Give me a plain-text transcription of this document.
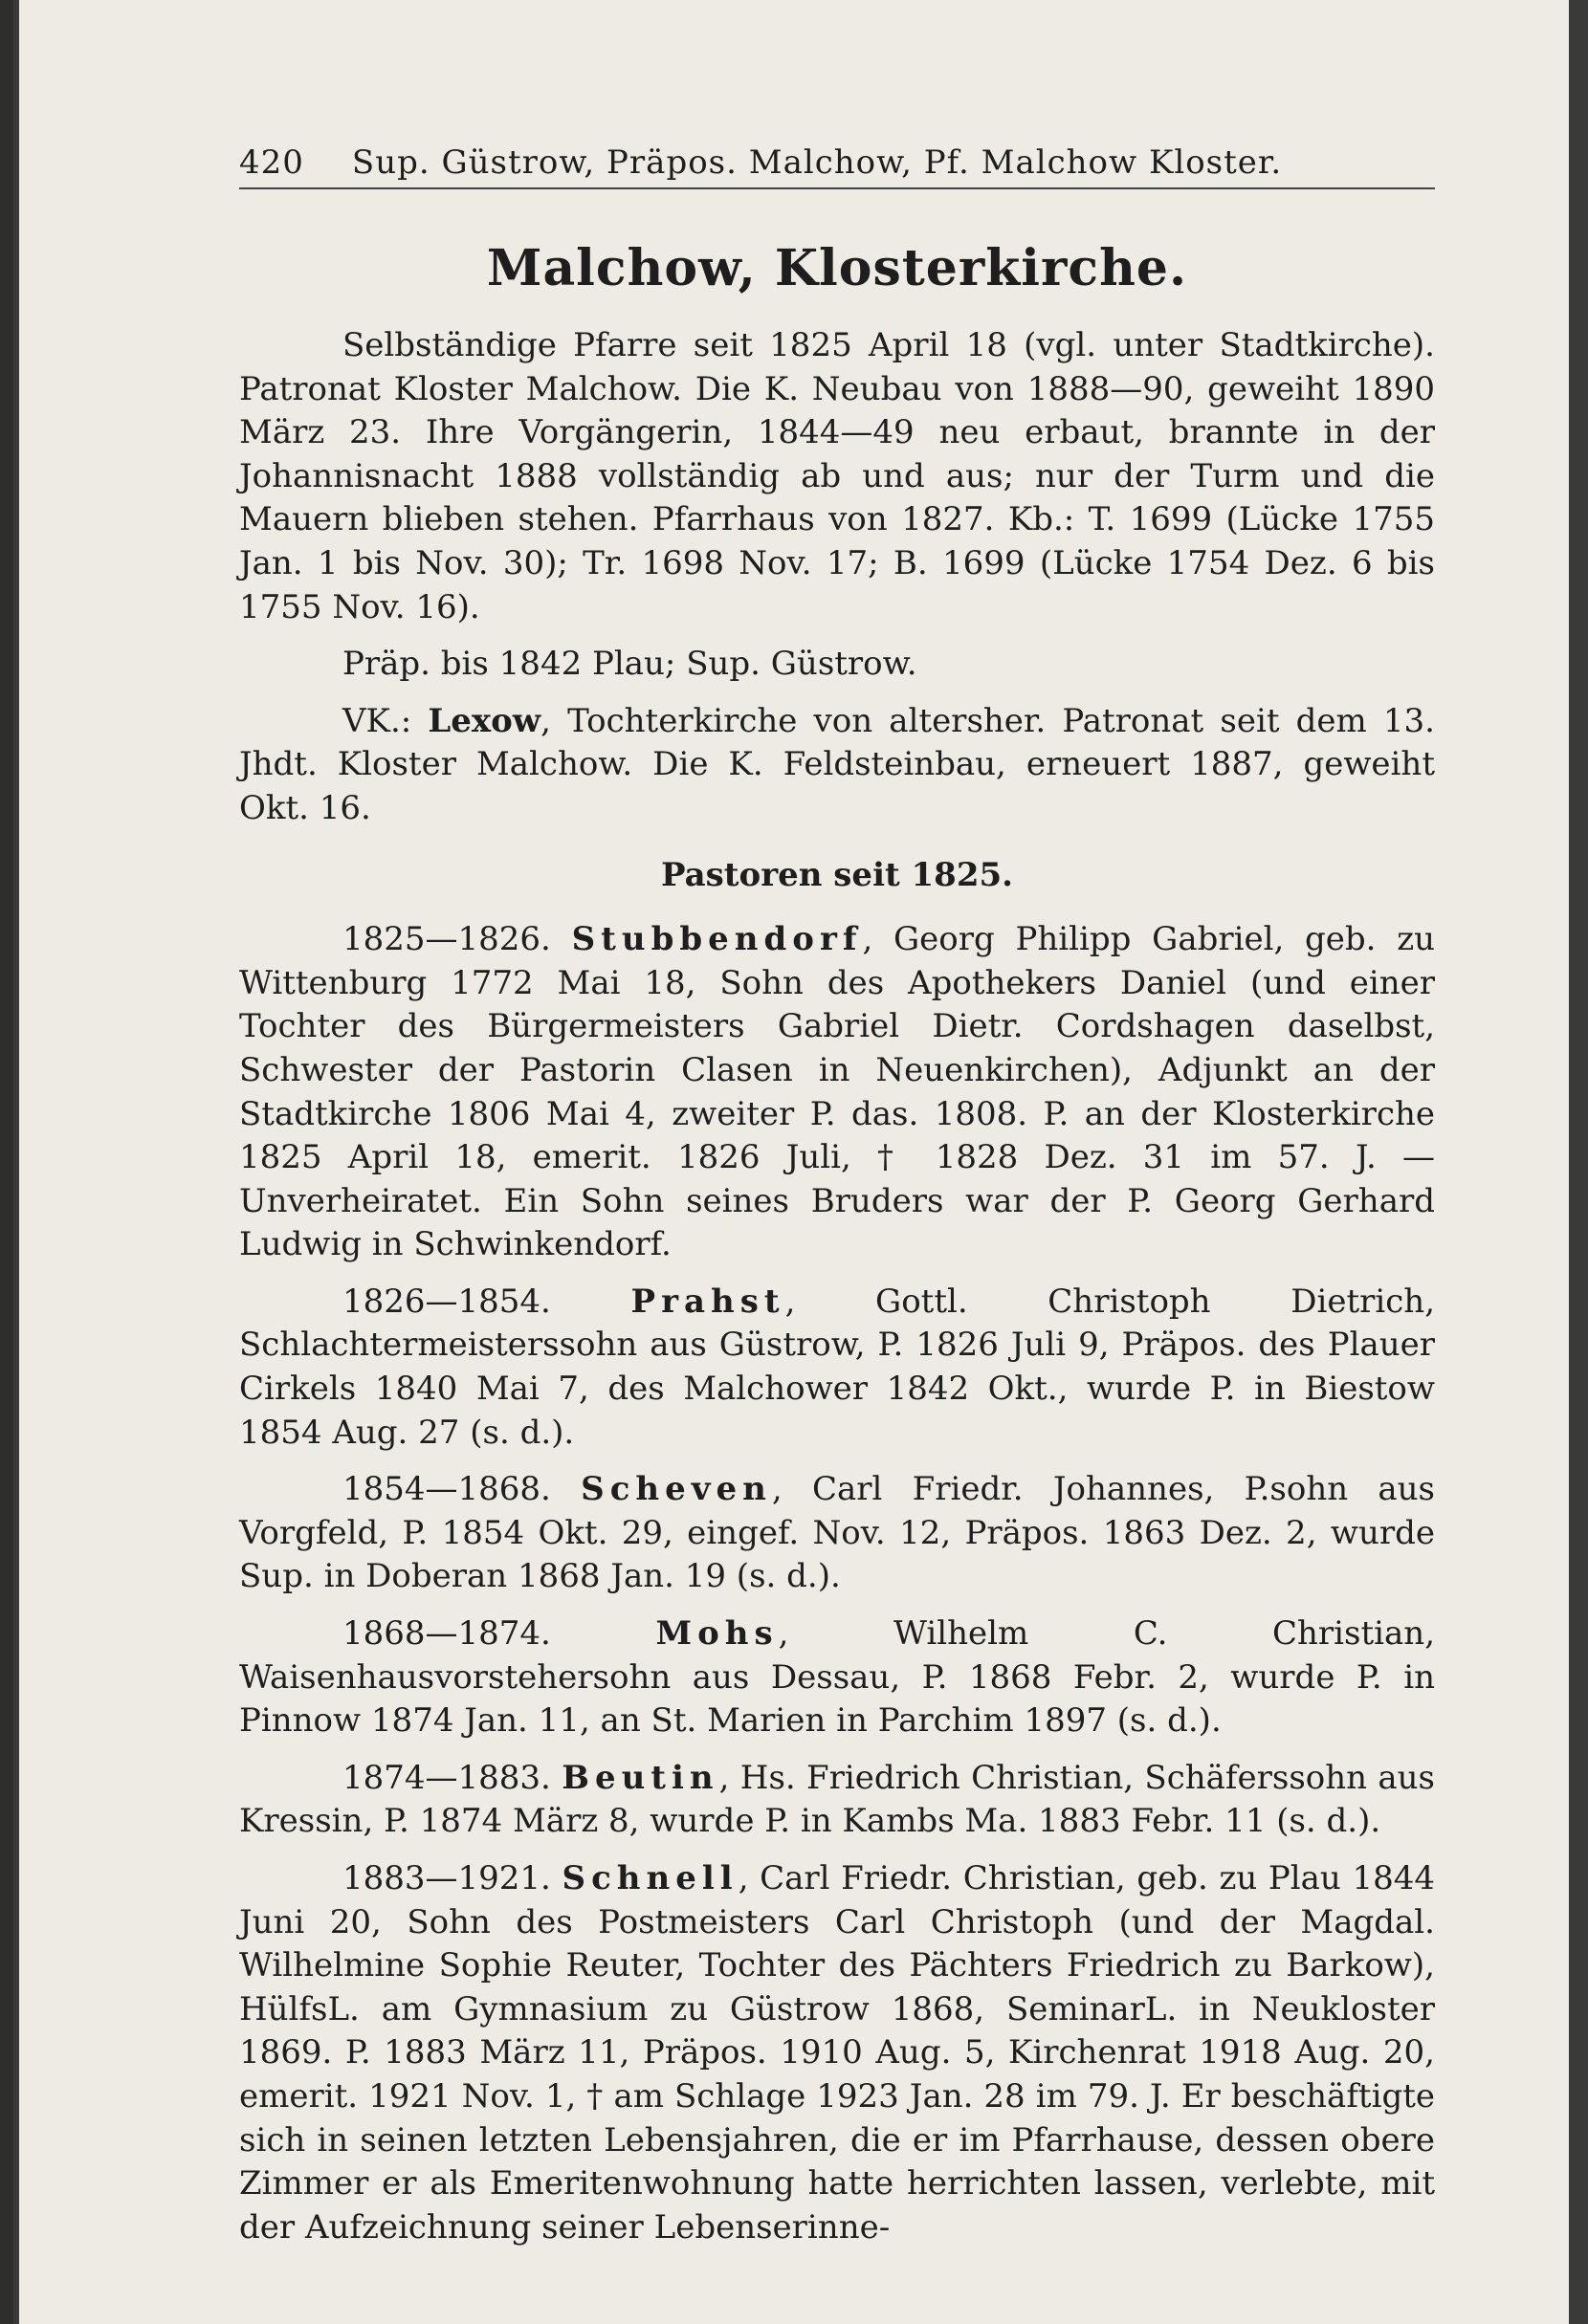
420 Sup. Güstrow, Präpos. Malchow, Pf. Malchow Kloster.
Malchow, Klosterkirche.

Selbständige Pfarre seit 1825 April 18 (vgl. unter Stadtkirche). Patronat Kloster Malchow. Die K. Neubau von 1888—90, geweiht 1890 März 23. Ihre Vorgängerin, 1844—49 neu erbaut, brannte in der Johannisnacht 1888 vollständig ab und aus; nur der Turm und die Mauern blieben stehen. Pfarrhaus von 1827. Kb.: T. 1699 (Lücke 1755 Jan. 1 bis Nov. 30); Tr. 1698 Nov. 17; B. 1699 (Lücke 1754 Dez. 6 bis 1755 Nov. 16).

Präp. bis 1842 Plau; Sup. Güstrow.

VK.: Lexow, Tochterkirche von altersher. Patronat seit dem 13. Jhdt. Kloster Malchow. Die K. Feldsteinbau, erneuert 1887, geweiht Okt. 16.

Pastoren seit 1825.

1825—1826. Stubbendorf, Georg Philipp Gabriel, geb. zu Wittenburg 1772 Mai 18, Sohn des Apothekers Daniel (und einer Tochter des Bürgermeisters Gabriel Dietr. Cordshagen daselbst, Schwester der Pastorin Clasen in Neuenkirchen), Adjunkt an der Stadtkirche 1806 Mai 4, zweiter P. das. 1808. P. an der Klosterkirche 1825 April 18, emerit. 1826 Juli, † 1828 Dez. 31 im 57. J. — Unverheiratet. Ein Sohn seines Bruders war der P. Georg Gerhard Ludwig in Schwinkendorf.

1826—1854. Prahst, Gottl. Christoph Dietrich, Schlachtermeisterssohn aus Güstrow, P. 1826 Juli 9, Präpos. des Plauer Cirkels 1840 Mai 7, des Malchower 1842 Okt., wurde P. in Biestow 1854 Aug. 27 (s. d.).

1854—1868. Scheven, Carl Friedr. Johannes, P.sohn aus Vorgfeld, P. 1854 Okt. 29, eingef. Nov. 12, Präpos. 1863 Dez. 2, wurde Sup. in Doberan 1868 Jan. 19 (s. d.).

1868—1874.	Mohs, Wilhelm C. Christian, Waisenhausvorstehersohn aus Dessau, P. 1868 Febr. 2, wurde P. in Pinnow 1874 Jan. 11, an St. Marien in Parchim 1897 (s. d.).

1874—1883. Beutin, Hs. Friedrich Christian, Schäferssohn aus Kressin, P. 1874 März 8, wurde P. in Kambs Ma. 1883 Febr. 11 (s. d.).

1883—1921. Schnell, Carl Friedr. Christian, geb. zu Plau 1844 Juni 20, Sohn des Postmeisters Carl Christoph (und der Magdal. Wilhelmine Sophie Reuter, Tochter des Pächters Friedrich zu Barkow), HülfsL. am Gymnasium zu Güstrow 1868, SeminarL. in Neukloster 1869. P. 1883 März 11, Präpos. 1910 Aug. 5, Kirchenrat 1918 Aug. 20, emerit. 1921 Nov. 1, † am Schlage 1923 Jan. 28 im 79. J. Er beschäftigte sich in seinen letzten Lebensjahren, die er im Pfarrhause, dessen obere Zimmer er als Emeritenwohnung hatte herrichten lassen, verlebte, mit der Aufzeichnung seiner Lebenserinne-
